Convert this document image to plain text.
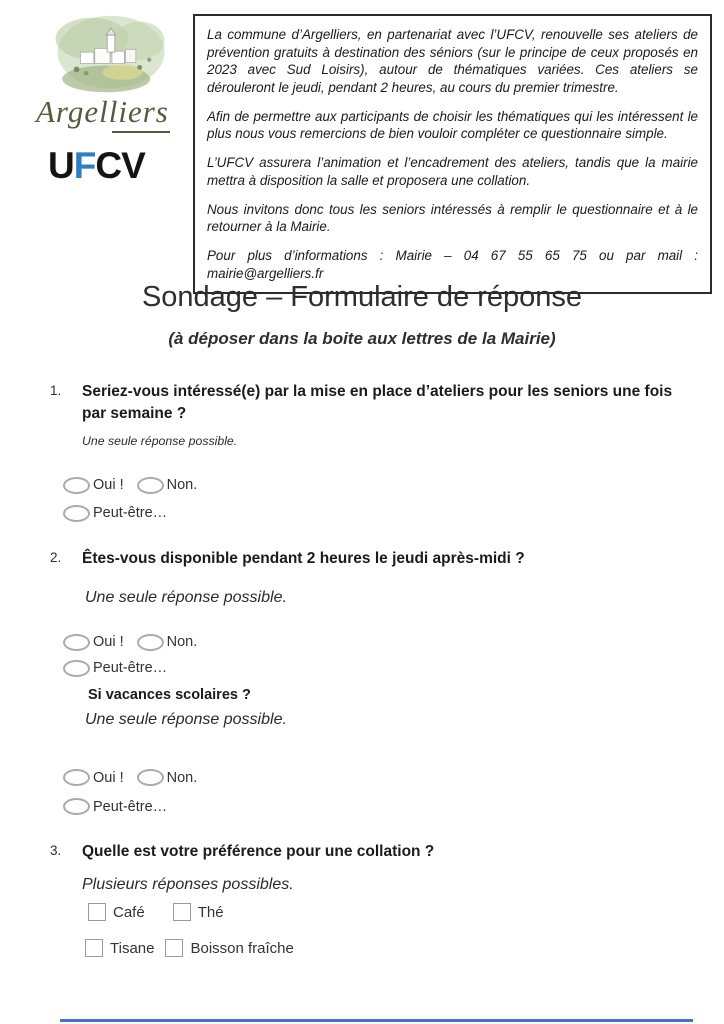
Argelliers
UFCV

La commune d’Argelliers, en partenariat avec l’UFCV, renouvelle ses ateliers de prévention gratuits à destination des séniors (sur le principe de ceux proposés en 2023 avec Sud Loisirs), autour de thématiques variées. Ces ateliers se dérouleront le jeudi, pendant 2 heures, au cours du premier trimestre.

Afin de permettre aux participants de choisir les thématiques qui les intéressent le plus nous vous remercions de bien vouloir compléter ce questionnaire simple.

L’UFCV assurera l’animation et l’encadrement des ateliers, tandis que la mairie mettra à disposition la salle et proposera une collation.

Nous invitons donc tous les seniors intéressés à remplir le questionnaire et à le retourner à la Mairie.

Pour plus d’informations : Mairie – 04 67 55 65 75 ou par mail : mairie@argelliers.fr

Sondage – Formulaire de réponse
(à déposer dans la boite aux lettres de la Mairie)
1.	Seriez-vous intéressé(e) par la mise en place d’ateliers pour les seniors une fois par semaine ?
Une seule réponse possible.
Oui !	Non.
Peut-être…
2.	Êtes-vous disponible pendant 2 heures le jeudi après-midi ?
Une seule réponse possible.
Oui !	Non.
Peut-être…
Si vacances scolaires ?
Une seule réponse possible.
Oui !	Non.
Peut-être…
3.	Quelle est votre préférence pour une collation ?
Plusieurs réponses possibles.
Café	Thé
Tisane Boisson fraîche
